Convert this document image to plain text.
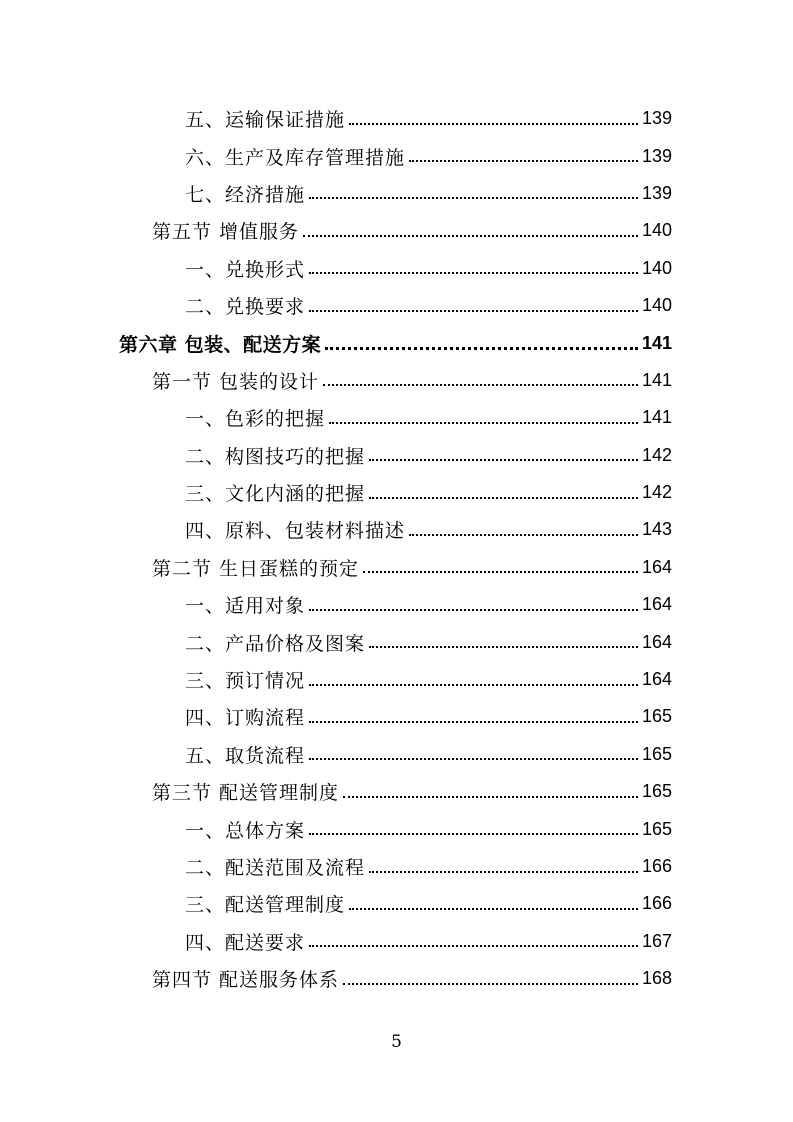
五、运输保证措施	139
六、生产及库存管理措施	139
七、经济措施	139
第五节 增值服务	140
一、兑换形式	140
二、兑换要求	140
第六章 包装、配送方案	141
第一节 包装的设计	141
一、色彩的把握	141
二、构图技巧的把握	142
三、文化内涵的把握	142
四、原料、包装材料描述	143
第二节 生日蛋糕的预定	164
一、适用对象	164
二、产品价格及图案	164
三、预订情况	164
四、订购流程	165
五、取货流程	165
第三节 配送管理制度	165
一、总体方案	165
二、配送范围及流程	166
三、配送管理制度	166
四、配送要求	167
第四节 配送服务体系	168
5
